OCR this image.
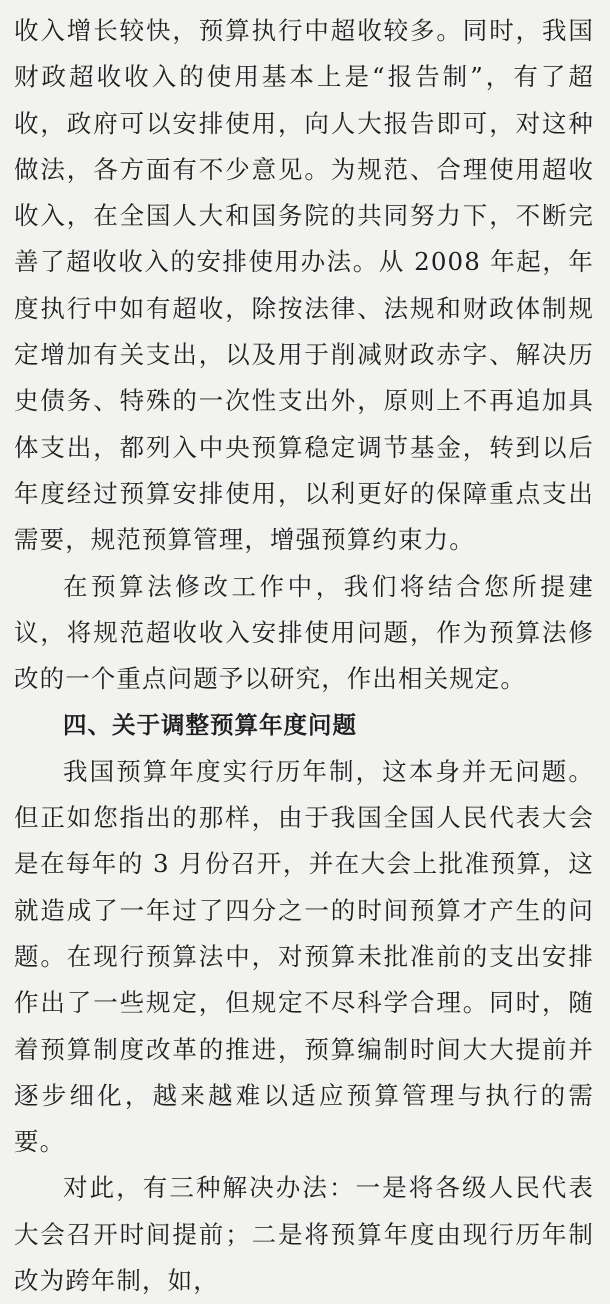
收入增长较快，预算执行中超收较多。同时，我国财政超收收入的使用基本上是“报告制”，有了超收，政府可以安排使用，向人大报告即可，对这种做法，各方面有不少意见。为规范、合理使用超收收入，在全国人大和国务院的共同努力下，不断完善了超收收入的安排使用办法。从 2008 年起，年度执行中如有超收，除按法律、法规和财政体制规定增加有关支出，以及用于削减财政赤字、解决历史债务、特殊的一次性支出外，原则上不再追加具体支出，都列入中央预算稳定调节基金，转到以后年度经过预算安排使用，以利更好的保障重点支出需要，规范预算管理，增强预算约束力。

在预算法修改工作中，我们将结合您所提建议，将规范超收收入安排使用问题，作为预算法修改的一个重点问题予以研究，作出相关规定。

四、关于调整预算年度问题

我国预算年度实行历年制，这本身并无问题。但正如您指出的那样，由于我国全国人民代表大会是在每年的 3 月份召开，并在大会上批准预算，这就造成了一年过了四分之一的时间预算才产生的问题。在现行预算法中，对预算未批准前的支出安排作出了一些规定，但规定不尽科学合理。同时，随着预算制度改革的推进，预算编制时间大大提前并逐步细化，越来越难以适应预算管理与执行的需要。

对此，有三种解决办法：一是将各级人民代表大会召开时间提前；二是将预算年度由现行历年制改为跨年制，如，
